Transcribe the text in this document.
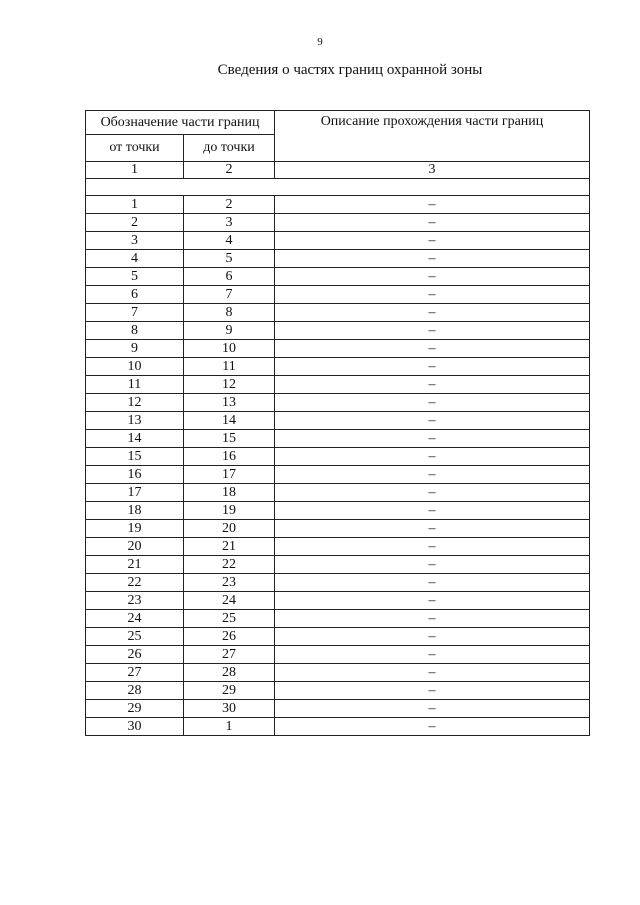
9
Сведения о частях границ охранной зоны
Обозначение части границ		Описание прохождения части границ
от точки	до точки	
1	2	3

1	2	–
2	3	–
3	4	–
4	5	–
5	6	–
6	7	–
7	8	–
8	9	–
9	10	–
10	11	–
11	12	–
12	13	–
13	14	–
14	15	–
15	16	–
16	17	–
17	18	–
18	19	–
19	20	–
20	21	–
21	22	–
22	23	–
23	24	–
24	25	–
25	26	–
26	27	–
27	28	–
28	29	–
29	30	–
30	1	–
